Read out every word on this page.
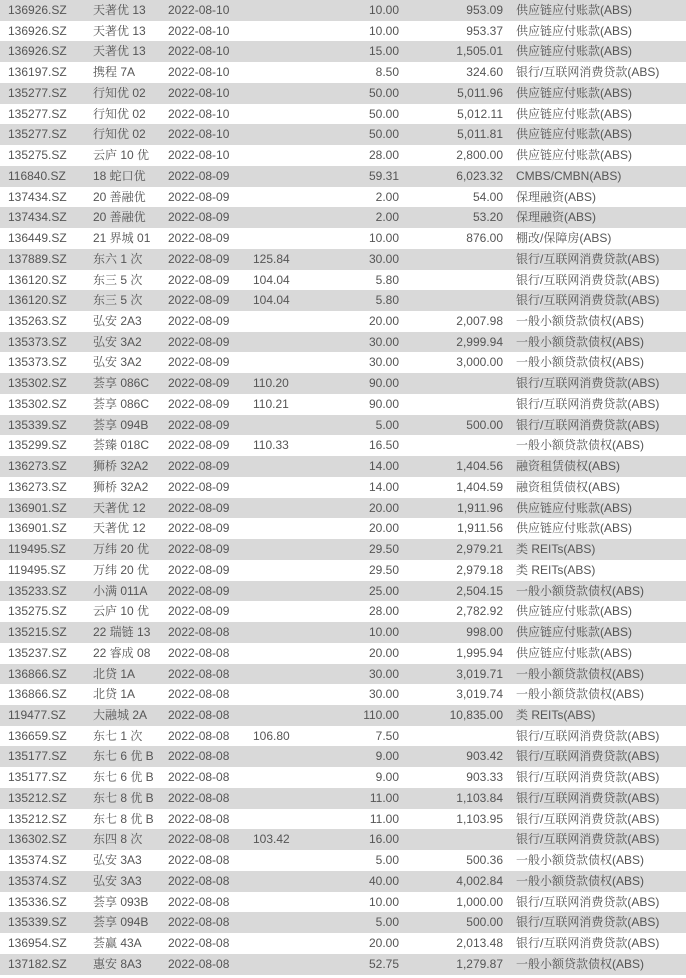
136926.SZ 天著优 13 2022-08-10	10.00	953.09 供应链应付账款(ABS)
136926.SZ 天著优 13 2022-08-10	10.00	953.37 供应链应付账款(ABS)
136926.SZ 天著优 13 2022-08-10	15.00	1,505.01 供应链应付账款(ABS)
136197.SZ 携程 7A	2022-08-10	8.50	324.60 银行/互联网消费贷款(ABS)
135277.SZ 行知优 02 2022-08-10	50.00	5,011.96 供应链应付账款(ABS)
135277.SZ 行知优 02 2022-08-10	50.00	5,012.11 供应链应付账款(ABS)
135277.SZ 行知优 02 2022-08-10	50.00	5,011.81 供应链应付账款(ABS)
135275.SZ 云庐 10 优 2022-08-10	28.00	2,800.00 供应链应付账款(ABS)
116840.SZ 18 蛇口优 2022-08-09	59.31	6,023.32 CMBS/CMBN(ABS)
137434.SZ 20 善融优 2022-08-09	2.00	54.00 保理融资(ABS)
137434.SZ 20 善融优 2022-08-09	2.00	53.20 保理融资(ABS)
136449.SZ 21 界城 01 2022-08-09	10.00	876.00 棚改/保障房(ABS)
137889.SZ 东六 1 次 2022-08-09 125.84	30.00	银行/互联网消费贷款(ABS)
136120.SZ 东三 5 次 2022-08-09 104.04	5.80	银行/互联网消费贷款(ABS)
136120.SZ 东三 5 次 2022-08-09 104.04	5.80	银行/互联网消费贷款(ABS)
135263.SZ 弘安 2A3 2022-08-09	20.00	2,007.98 一般小额贷款债权(ABS)
135373.SZ 弘安 3A2 2022-08-09	30.00	2,999.94 一般小额贷款债权(ABS)
135373.SZ 弘安 3A2 2022-08-09	30.00	3,000.00 一般小额贷款债权(ABS)
135302.SZ 荟享 086C 2022-08-09 110.20	90.00	银行/互联网消费贷款(ABS)
135302.SZ 荟享 086C 2022-08-09 110.21	90.00	银行/互联网消费贷款(ABS)
135339.SZ 荟享 094B 2022-08-09	5.00	500.00 银行/互联网消费贷款(ABS)
135299.SZ 荟臻 018C 2022-08-09 110.33	16.50	一般小额贷款债权(ABS)
136273.SZ 狮桥 32A2 2022-08-09	14.00	1,404.56 融资租赁债权(ABS)
136273.SZ 狮桥 32A2 2022-08-09	14.00	1,404.59 融资租赁债权(ABS)
136901.SZ 天著优 12 2022-08-09	20.00	1,911.96 供应链应付账款(ABS)
136901.SZ 天著优 12 2022-08-09	20.00	1,911.56 供应链应付账款(ABS)
119495.SZ 万纬 20 优 2022-08-09	29.50	2,979.21 类 REITs(ABS)
119495.SZ 万纬 20 优 2022-08-09	29.50	2,979.18 类 REITs(ABS)
135233.SZ 小满 011A 2022-08-09	25.00	2,504.15 一般小额贷款债权(ABS)
135275.SZ 云庐 10 优 2022-08-09	28.00	2,782.92 供应链应付账款(ABS)
135215.SZ 22 瑞链 13 2022-08-08	10.00	998.00 供应链应付账款(ABS)
135237.SZ 22 睿成 08 2022-08-08	20.00	1,995.94 供应链应付账款(ABS)
136866.SZ 北贷 1A	2022-08-08	30.00	3,019.71 一般小额贷款债权(ABS)
136866.SZ 北贷 1A	2022-08-08	30.00	3,019.74 一般小额贷款债权(ABS)
119477.SZ 大融城 2A 2022-08-08	110.00	10,835.00 类 REITs(ABS)
136659.SZ 东七 1 次 2022-08-08 106.80	7.50	银行/互联网消费贷款(ABS)
135177.SZ 东七 6 优 B 2022-08-08	9.00	903.42 银行/互联网消费贷款(ABS)
135177.SZ 东七 6 优 B 2022-08-08	9.00	903.33 银行/互联网消费贷款(ABS)
135212.SZ 东七 8 优 B 2022-08-08	11.00	1,103.84 银行/互联网消费贷款(ABS)
135212.SZ 东七 8 优 B 2022-08-08	11.00	1,103.95 银行/互联网消费贷款(ABS)
136302.SZ 东四 8 次 2022-08-08 103.42	16.00	银行/互联网消费贷款(ABS)
135374.SZ 弘安 3A3 2022-08-08	5.00	500.36 一般小额贷款债权(ABS)
135374.SZ 弘安 3A3 2022-08-08	40.00	4,002.84 一般小额贷款债权(ABS)
135336.SZ 荟享 093B 2022-08-08	10.00	1,000.00 银行/互联网消费贷款(ABS)
135339.SZ 荟享 094B 2022-08-08	5.00	500.00 银行/互联网消费贷款(ABS)
136954.SZ 荟赢 43A 2022-08-08	20.00	2,013.48 银行/互联网消费贷款(ABS)
137182.SZ 惠安 8A3 2022-08-08	52.75	1,279.87 一般小额贷款债权(ABS)
